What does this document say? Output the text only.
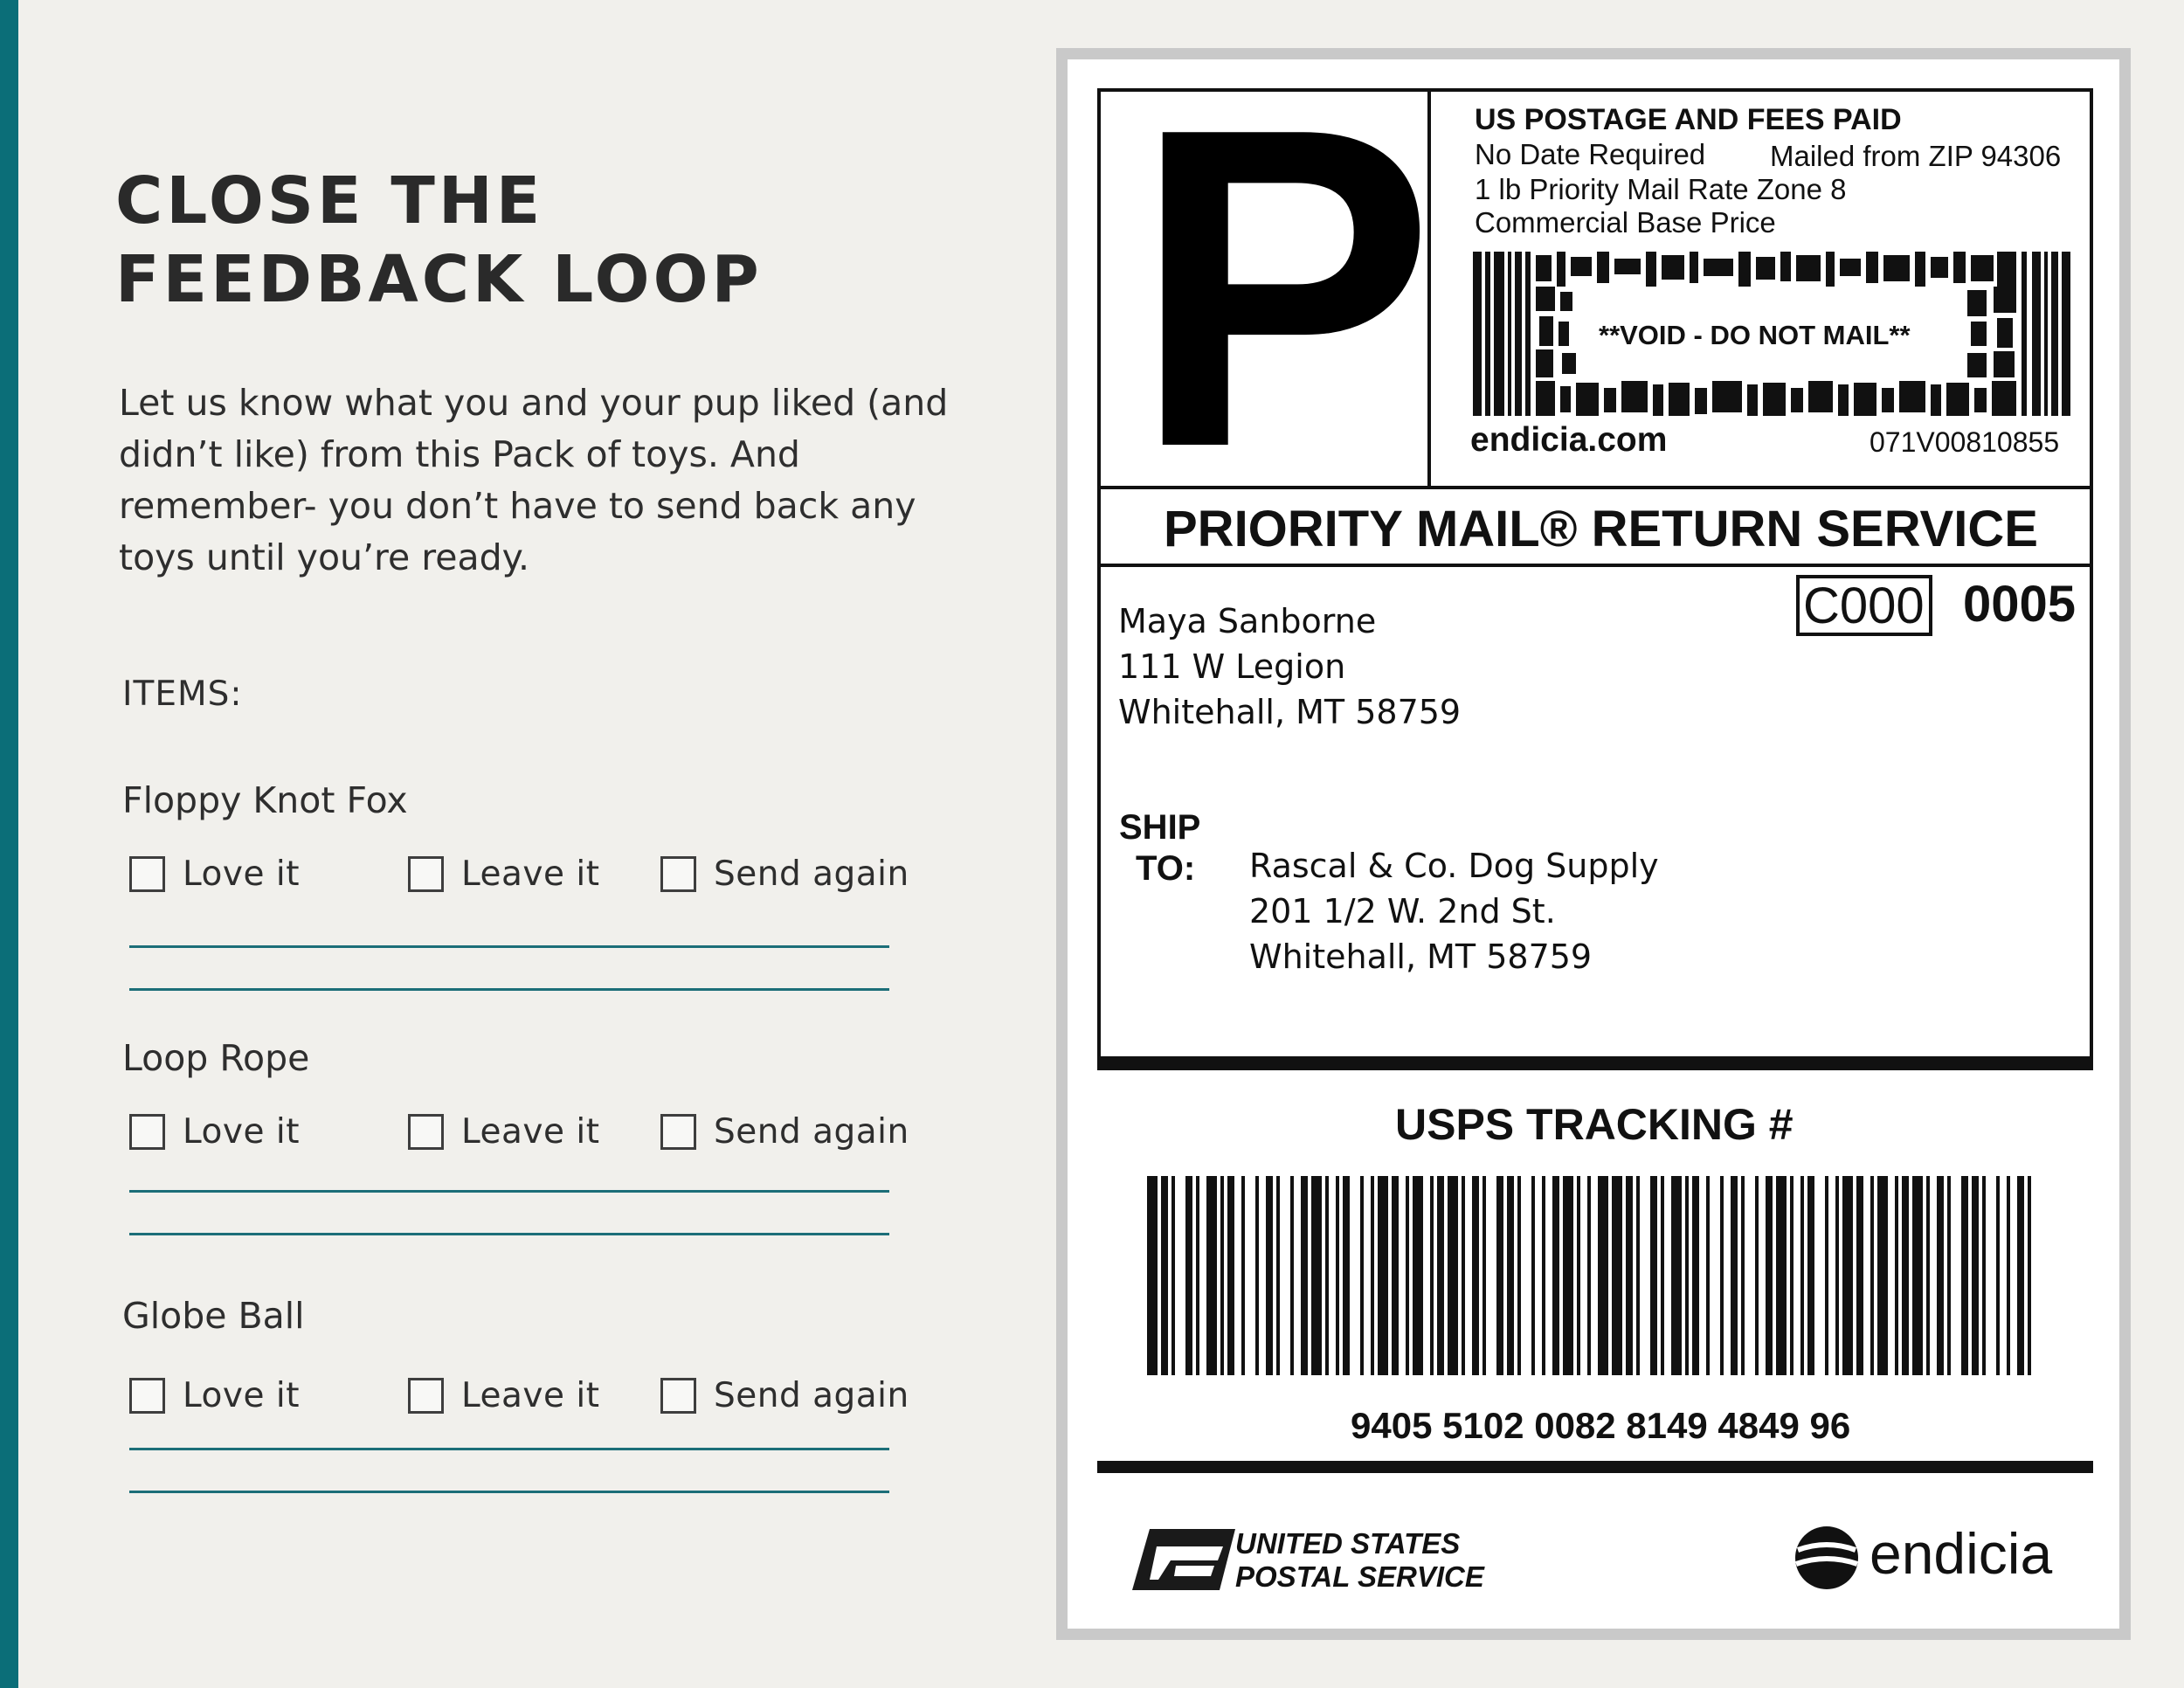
CLOSE THE
FEEDBACK LOOP
Let us know what you and your pup liked (and didn’t like) from this Pack of toys. And remember- you don’t have to send back any toys until you’re ready.
ITEMS:
Floppy Knot Fox
Love it	Leave it	Send again
Loop Rope
Love it	Leave it	Send again
Globe Ball
Love it	Leave it	Send again
P US POSTAGE AND FEES PAID
No Date Required Mailed from ZIP 94306
1 lb Priority Mail Rate Zone 8
Commercial Base Price
**VOID - DO NOT MAIL**
endicia.com	071V00810855
PRIORITY MAIL® RETURN SERVICE
C000 0005
Maya Sanborne
111 W Legion
Whitehall, MT 58759
SHIP
TO: Rascal & Co. Dog Supply
201 1/2 W. 2nd St.
Whitehall, MT 58759
USPS TRACKING #
9405 5102 0082 8149 4849 96
UNITED STATES
POSTAL SERVICE	endicia
